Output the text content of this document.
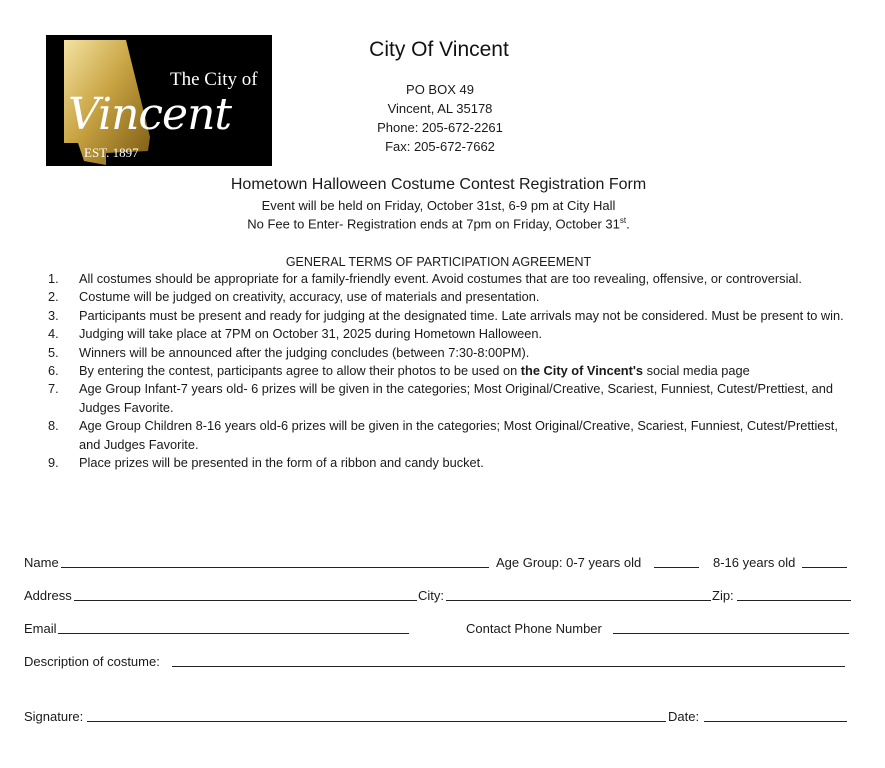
The City of
Vincent
EST. 1897
City Of Vincent
PO BOX 49
Vincent, AL 35178
Phone: 205-672-2261
Fax: 205-672-7662
Hometown Halloween Costume Contest Registration Form
Event will be held on Friday, October 31st, 6-9 pm at City Hall
No Fee to Enter- Registration ends at 7pm on Friday, October 31st.
GENERAL TERMS OF PARTICIPATION AGREEMENT
1.	All costumes should be appropriate for a family-friendly event. Avoid costumes that are too revealing, offensive, or controversial.
2.	Costume will be judged on creativity, accuracy, use of materials and presentation.
3.	Participants must be present and ready for judging at the designated time. Late arrivals may not be considered. Must be present to win.
4.	Judging will take place at 7PM on October 31, 2025 during Hometown Halloween.
5.	Winners will be announced after the judging concludes (between 7:30-8:00PM).
6.	By entering the contest, participants agree to allow their photos to be used on the City of Vincent's social media page
7.	Age Group Infant-7 years old- 6 prizes will be given in the categories; Most Original/Creative, Scariest, Funniest, Cutest/Prettiest, and Judges Favorite.
8.	Age Group Children 8-16 years old-6 prizes will be given in the categories; Most Original/Creative, Scariest, Funniest, Cutest/Prettiest, and Judges Favorite.
9.	Place prizes will be presented in the form of a ribbon and candy bucket.
Name	Age Group: 0-7 years old	8-16 years old
Address	City:	Zip:
Email	Contact Phone Number
Description of costume:
Signature:	Date:
